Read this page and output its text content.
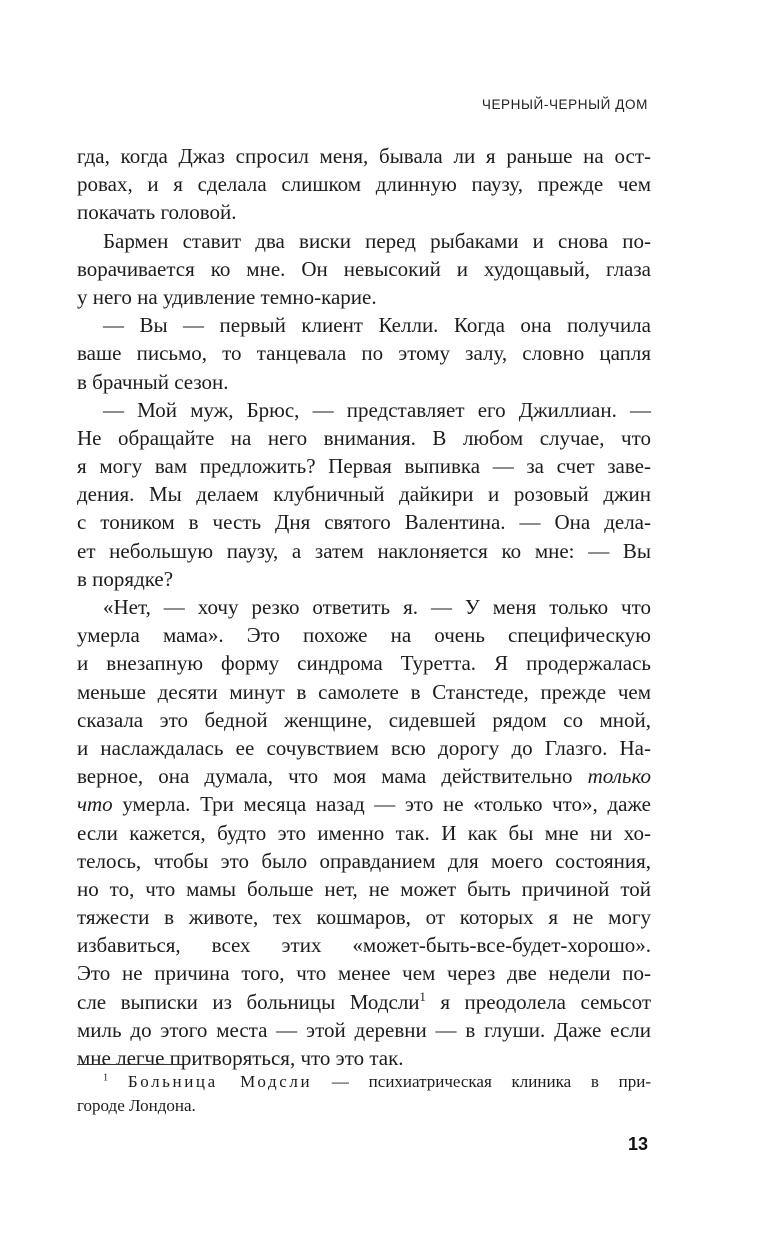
ЧЕРНЫЙ-ЧЕРНЫЙ ДОМ
гда, когда Джаз спросил меня, бывала ли я раньше на ост-
ровах, и я сделала слишком длинную паузу, прежде чем
покачать головой.
Бармен ставит два виски перед рыбаками и снова по-
ворачивается ко мне. Он невысокий и худощавый, глаза
у него на удивление темно-карие.
— Вы — первый клиент Келли. Когда она получила
ваше письмо, то танцевала по этому залу, словно цапля
в брачный сезон.
— Мой муж, Брюс, — представляет его Джиллиан. —
Не обращайте на него внимания. В любом случае, что
я могу вам предложить? Первая выпивка — за счет заве-
дения. Мы делаем клубничный дайкири и розовый джин
с тоником в честь Дня святого Валентина. — Она дела-
ет небольшую паузу, а затем наклоняется ко мне: — Вы
в порядке?
«Нет, — хочу резко ответить я. — У меня только что
умерла мама». Это похоже на очень специфическую
и внезапную форму синдрома Туретта. Я продержалась
меньше десяти минут в самолете в Станстеде, прежде чем
сказала это бедной женщине, сидевшей рядом со мной,
и наслаждалась ее сочувствием всю дорогу до Глазго. На-
верное, она думала, что моя мама действительно только
что умерла. Три месяца назад — это не «только что», даже
если кажется, будто это именно так. И как бы мне ни хо-
телось, чтобы это было оправданием для моего состояния,
но то, что мамы больше нет, не может быть причиной той
тяжести в животе, тех кошмаров, от которых я не могу
избавиться, всех этих «может-быть-все-будет-хорошо».
Это не причина того, что менее чем через две недели по-
сле выписки из больницы Модсли$^1$ я преодолела семьсот
миль до этого места — этой деревни — в глуши. Даже если
мне легче притворяться, что это так.
$^1$ Больница Модсли — психиатрическая клиника в при-
городе Лондона.
13
